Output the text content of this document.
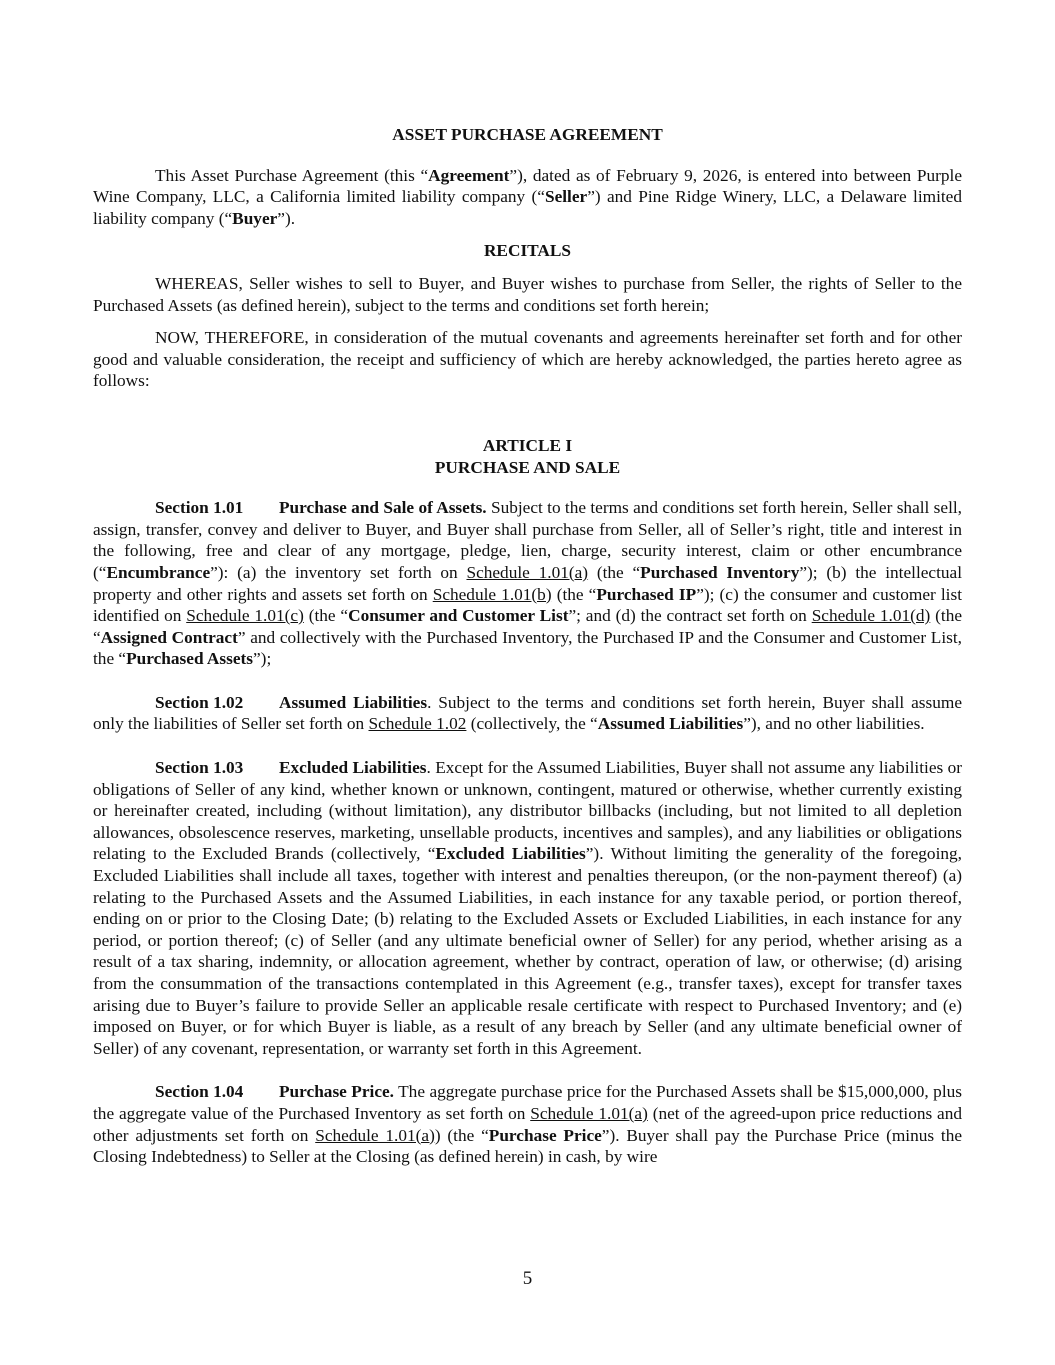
ASSET PURCHASE AGREEMENT

This Asset Purchase Agreement (this “Agreement”), dated as of February 9, 2026, is entered into between Purple Wine Company, LLC, a California limited liability company (“Seller”) and Pine Ridge Winery, LLC, a Delaware limited liability company (“Buyer”).

RECITALS

WHEREAS, Seller wishes to sell to Buyer, and Buyer wishes to purchase from Seller, the rights of Seller to the Purchased Assets (as defined herein), subject to the terms and conditions set forth herein;

NOW, THEREFORE, in consideration of the mutual covenants and agreements hereinafter set forth and for other good and valuable consideration, the receipt and sufficiency of which are hereby acknowledged, the parties hereto agree as follows:

ARTICLE I
PURCHASE AND SALE

Section 1.01 Purchase and Sale of Assets. Subject to the terms and conditions set forth herein, Seller shall sell, assign, transfer, convey and deliver to Buyer, and Buyer shall purchase from Seller, all of Seller’s right, title and interest in the following, free and clear of any mortgage, pledge, lien, charge, security interest, claim or other encumbrance (“Encumbrance”): (a) the inventory set forth on Schedule 1.01(a) (the “Purchased Inventory”); (b) the intellectual property and other rights and assets set forth on Schedule 1.01(b) (the “Purchased IP”); (c) the consumer and customer list identified on Schedule 1.01(c) (the “Consumer and Customer List”; and (d) the contract set forth on Schedule 1.01(d) (the “Assigned Contract” and collectively with the Purchased Inventory, the Purchased IP and the Consumer and Customer List, the “Purchased Assets”);

Section 1.02 Assumed Liabilities. Subject to the terms and conditions set forth herein, Buyer shall assume only the liabilities of Seller set forth on Schedule 1.02 (collectively, the “Assumed Liabilities”), and no other liabilities.

Section 1.03 Excluded Liabilities. Except for the Assumed Liabilities, Buyer shall not assume any liabilities or obligations of Seller of any kind, whether known or unknown, contingent, matured or otherwise, whether currently existing or hereinafter created, including (without limitation), any distributor billbacks (including, but not limited to all depletion allowances, obsolescence reserves, marketing, unsellable products, incentives and samples), and any liabilities or obligations relating to the Excluded Brands (collectively, “Excluded Liabilities”). Without limiting the generality of the foregoing, Excluded Liabilities shall include all taxes, together with interest and penalties thereupon, (or the non-payment thereof) (a) relating to the Purchased Assets and the Assumed Liabilities, in each instance for any taxable period, or portion thereof, ending on or prior to the Closing Date; (b) relating to the Excluded Assets or Excluded Liabilities, in each instance for any period, or portion thereof; (c) of Seller (and any ultimate beneficial owner of Seller) for any period, whether arising as a result of a tax sharing, indemnity, or allocation agreement, whether by contract, operation of law, or otherwise; (d) arising from the consummation of the transactions contemplated in this Agreement (e.g., transfer taxes), except for transfer taxes arising due to Buyer’s failure to provide Seller an applicable resale certificate with respect to Purchased Inventory; and (e) imposed on Buyer, or for which Buyer is liable, as a result of any breach by Seller (and any ultimate beneficial owner of Seller) of any covenant, representation, or warranty set forth in this Agreement.

Section 1.04 Purchase Price. The aggregate purchase price for the Purchased Assets shall be $15,000,000, plus the aggregate value of the Purchased Inventory as set forth on Schedule 1.01(a) (net of the agreed-upon price reductions and other adjustments set forth on Schedule 1.01(a)) (the “Purchase Price”). Buyer shall pay the Purchase Price (minus the Closing Indebtedness) to Seller at the Closing (as defined herein) in cash, by wire

5
